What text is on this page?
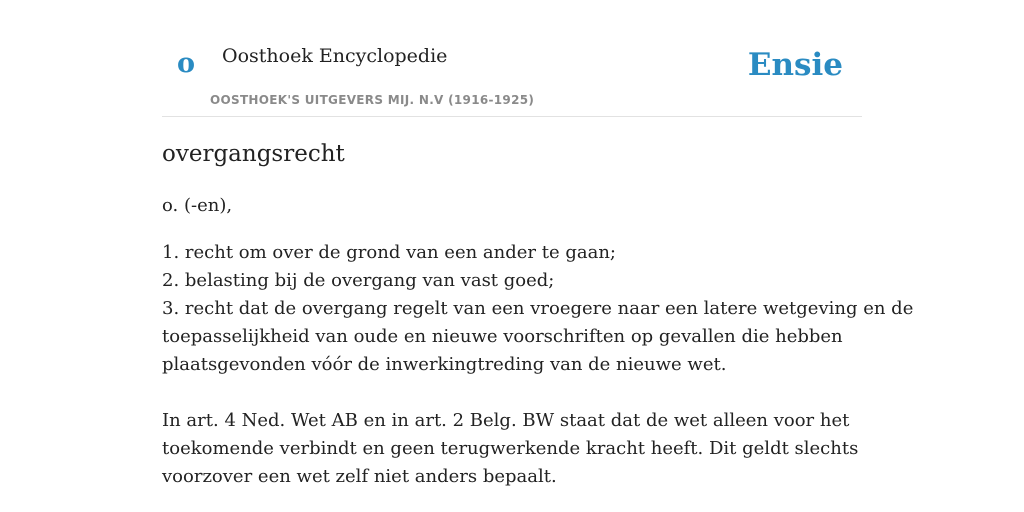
o Oosthoek Encyclopedie
OOSTHOEK'S UITGEVERS MIJ. N.V (1916-1925)
Ensie
overgangsrecht

o. (-en),

1. recht om over de grond van een ander te gaan;
2. belasting bij de overgang van vast goed;
3. recht dat de overgang regelt van een vroegere naar een latere wetgeving en de
toepasselijkheid van oude en nieuwe voorschriften op gevallen die hebben
plaatsgevonden vóór de inwerkingtreding van de nieuwe wet.

In art. 4 Ned. Wet AB en in art. 2 Belg. BW staat dat de wet alleen voor het
toekomende verbindt en geen terugwerkende kracht heeft. Dit geldt slechts
voorzover een wet zelf niet anders bepaalt.
